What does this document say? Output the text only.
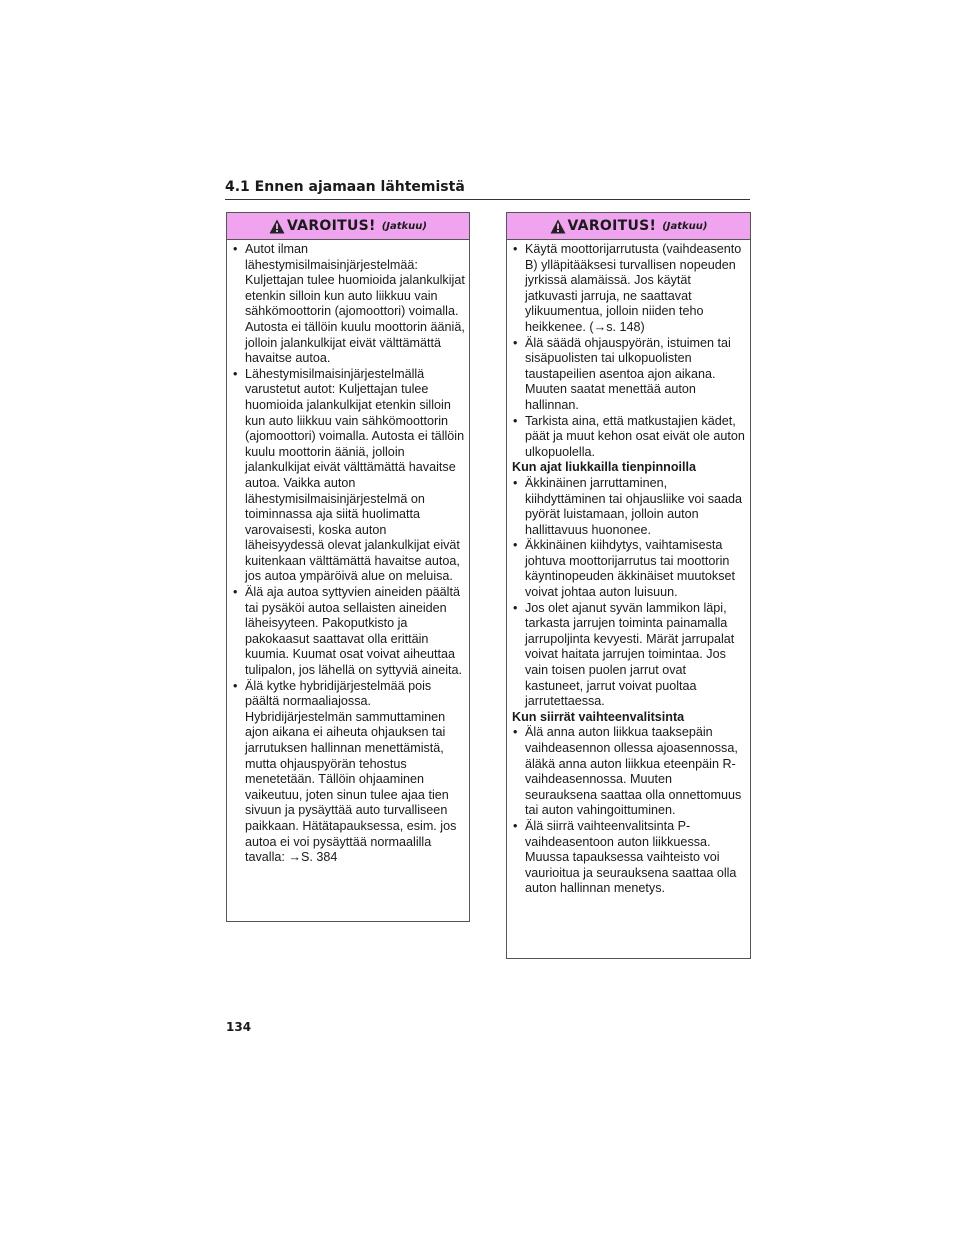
4.1 Ennen ajamaan lähtemistä
VAROITUS! (Jatkuu)
• Autot ilman lähestymisilmaisinjärjestelmää: Kuljettajan tulee huomioida jalankulkijat etenkin silloin kun auto liikkuu vain sähkömoottorin (ajomoottori) voimalla. Autosta ei tällöin kuulu moottorin ääniä, jolloin jalankulkijat eivät välttämättä havaitse autoa.
• Lähestymisilmaisinjärjestelmällä varustetut autot: Kuljettajan tulee huomioida jalankulkijat etenkin silloin kun auto liikkuu vain sähkömoottorin (ajomoottori) voimalla. Autosta ei tällöin kuulu moottorin ääniä, jolloin jalankulkijat eivät välttämättä havaitse autoa. Vaikka auton lähestymisilmaisinjärjestelmä on toiminnassa aja siitä huolimatta varovaisesti, koska auton läheisyydessä olevat jalankulkijat eivät kuitenkaan välttämättä havaitse autoa, jos autoa ympäröivä alue on meluisa.
• Älä aja autoa syttyvien aineiden päältä tai pysäköi autoa sellaisten aineiden läheisyyteen. Pakoputkisto ja pakokaasut saattavat olla erittäin kuumia. Kuumat osat voivat aiheuttaa tulipalon, jos lähellä on syttyviä aineita.
• Älä kytke hybridijärjestelmää pois päältä normaaliajossa. Hybridijärjestelmän sammuttaminen ajon aikana ei aiheuta ohjauksen tai jarrutuksen hallinnan menettämistä, mutta ohjauspyörän tehostus menetetään. Tällöin ohjaaminen vaikeutuu, joten sinun tulee ajaa tien sivuun ja pysäyttää auto turvalliseen paikkaan. Hätätapauksessa, esim. jos autoa ei voi pysäyttää normaalilla tavalla: →S. 384
VAROITUS! (Jatkuu)
• Käytä moottorijarrutusta (vaihdeasento B) ylläpitääksesi turvallisen nopeuden jyrkissä alamäissä. Jos käytät jatkuvasti jarruja, ne saattavat ylikuumentua, jolloin niiden teho heikkenee. (→s. 148)
• Älä säädä ohjauspyörän, istuimen tai sisäpuolisten tai ulkopuolisten taustapeilien asentoa ajon aikana. Muuten saatat menettää auton hallinnan.
• Tarkista aina, että matkustajien kädet, päät ja muut kehon osat eivät ole auton ulkopuolella.
Kun ajat liukkailla tienpinnoilla
• Äkkinäinen jarruttaminen, kiihdyttäminen tai ohjausliike voi saada pyörät luistamaan, jolloin auton hallittavuus huononee.
• Äkkinäinen kiihdytys, vaihtamisesta johtuva moottorijarrutus tai moottorin käyntinopeuden äkkinäiset muutokset voivat johtaa auton luisuun.
• Jos olet ajanut syvän lammikon läpi, tarkasta jarrujen toiminta painamalla jarrupoljinta kevyesti. Märät jarrupalat voivat haitata jarrujen toimintaa. Jos vain toisen puolen jarrut ovat kastuneet, jarrut voivat puoltaa jarrutettaessa.
Kun siirrät vaihteenvalitsinta
• Älä anna auton liikkua taaksepäin vaihdeasennon ollessa ajoasennossa, äläkä anna auton liikkua eteenpäin R-vaihdeasennossa. Muuten seurauksena saattaa olla onnettomuus tai auton vahingoittuminen.
• Älä siirrä vaihteenvalitsinta P-vaihdeasentoon auton liikkuessa. Muussa tapauksessa vaihteisto voi vaurioitua ja seurauksena saattaa olla auton hallinnan menetys.
134
